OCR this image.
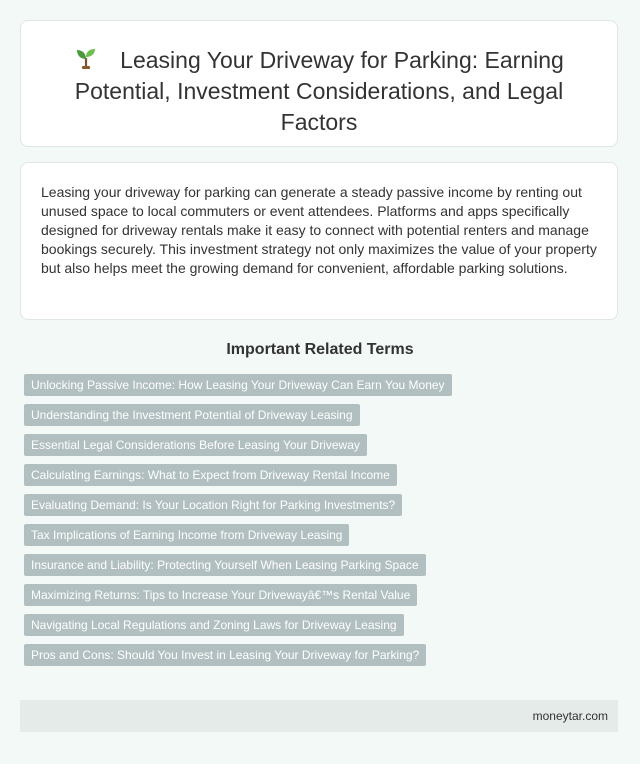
Leasing Your Driveway for Parking: Earning Potential, Investment Considerations, and Legal Factors

Leasing your driveway for parking can generate a steady passive income by renting out unused space to local commuters or event attendees. Platforms and apps specifically designed for driveway rentals make it easy to connect with potential renters and manage bookings securely. This investment strategy not only maximizes the value of your property but also helps meet the growing demand for convenient, affordable parking solutions.

Important Related Terms
Unlocking Passive Income: How Leasing Your Driveway Can Earn You Money
Understanding the Investment Potential of Driveway Leasing
Essential Legal Considerations Before Leasing Your Driveway
Calculating Earnings: What to Expect from Driveway Rental Income
Evaluating Demand: Is Your Location Right for Parking Investments?
Tax Implications of Earning Income from Driveway Leasing
Insurance and Liability: Protecting Yourself When Leasing Parking Space
Maximizing Returns: Tips to Increase Your Drivewayâ€™s Rental Value
Navigating Local Regulations and Zoning Laws for Driveway Leasing
Pros and Cons: Should You Invest in Leasing Your Driveway for Parking?
moneytar.com
